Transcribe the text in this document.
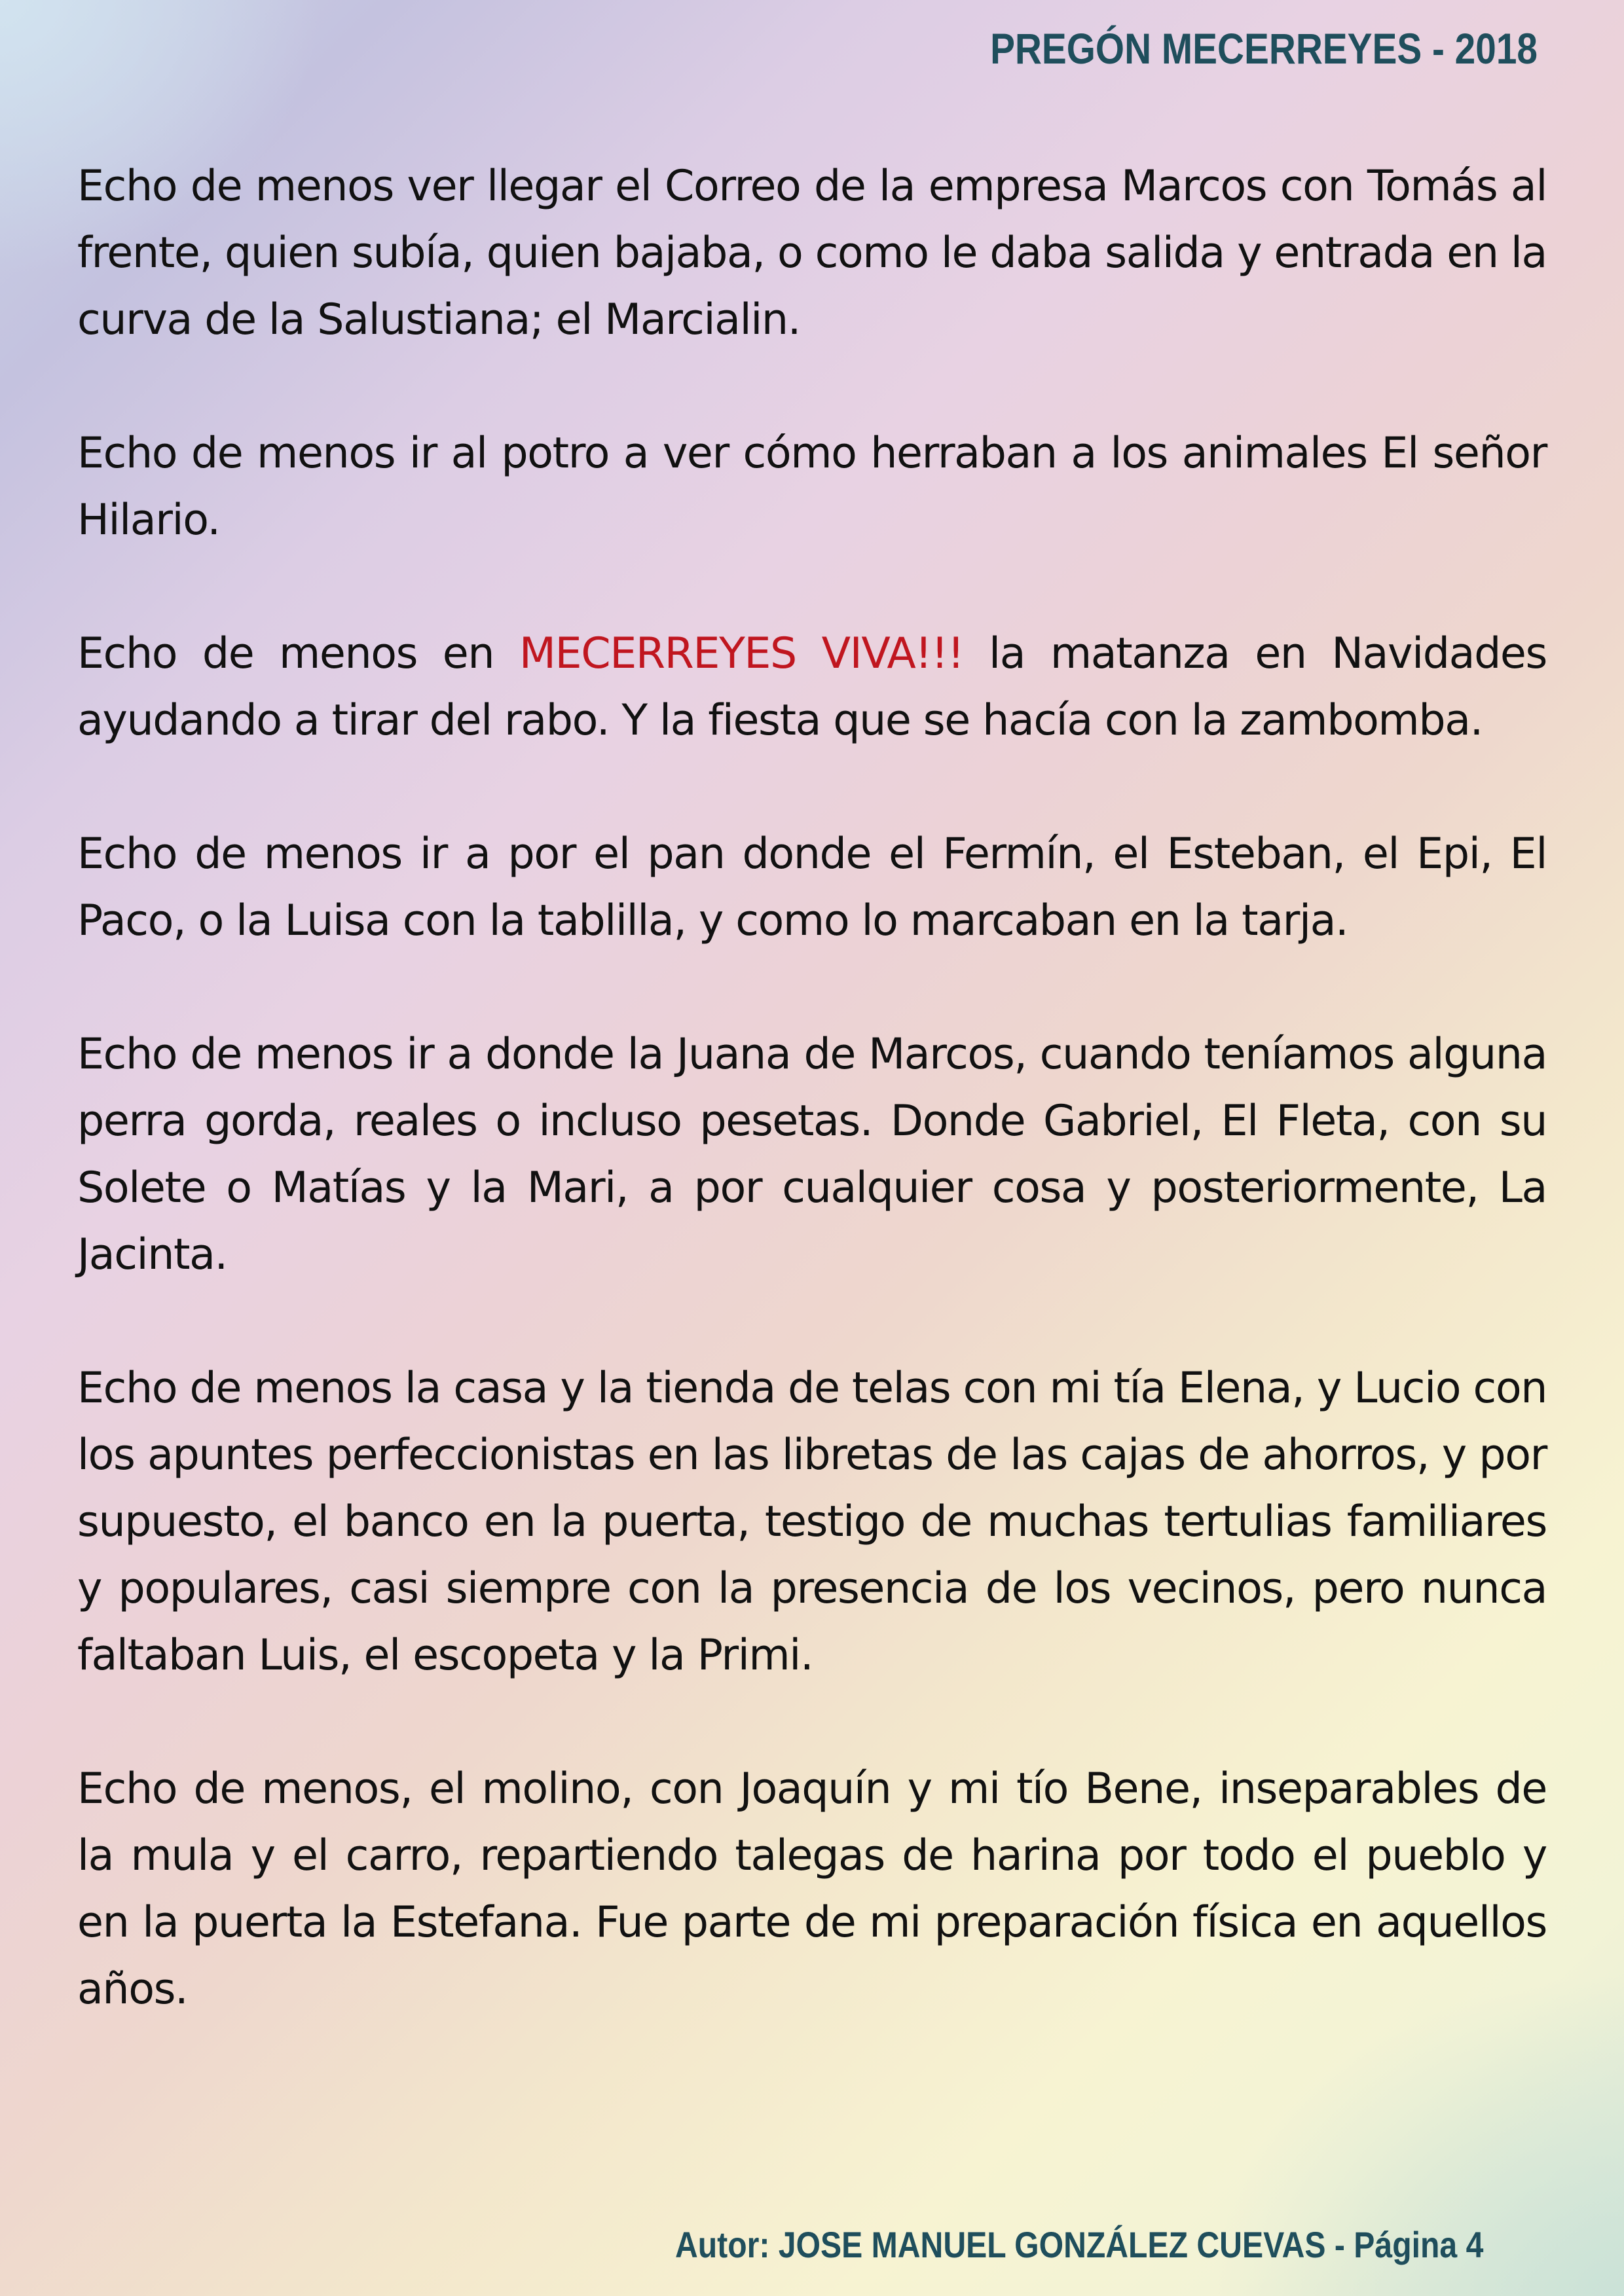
PREGÓN MECERREYES - 2018

Echo de menos ver llegar el Correo de la empresa Marcos con Tomás al frente, quien subía, quien bajaba, o como le daba salida y entrada en la curva de la Salustiana; el Marcialin.

Echo de menos ir al potro a ver cómo herraban a los animales El señor Hilario.

Echo de menos en MECERREYES VIVA!!! la matanza en Navidades ayudando a tirar del rabo. Y la fiesta que se hacía con la zambomba.

Echo de menos ir a por el pan donde el Fermín, el Esteban, el Epi, El Paco, o la Luisa con la tablilla, y como lo marcaban en la tarja.

Echo de menos ir a donde la Juana de Marcos, cuando teníamos alguna perra gorda, reales o incluso pesetas. Donde Gabriel, El Fleta, con su Solete o Matías y la Mari, a por cualquier cosa y posteriormente, La Jacinta.

Echo de menos la casa y la tienda de telas con mi tía Elena, y Lucio con los apuntes perfeccionistas en las libretas de las cajas de ahorros, y por supuesto, el banco en la puerta, testigo de muchas tertulias familiares y populares, casi siempre con la presencia de los vecinos, pero nunca faltaban Luis, el escopeta y la Primi.

Echo de menos, el molino, con Joaquín y mi tío Bene, inseparables de la mula y el carro, repartiendo talegas de harina por todo el pueblo y en la puerta la Estefana. Fue parte de mi preparación física en aquellos años.

Autor: JOSE MANUEL GONZÁLEZ CUEVAS - Página 4
